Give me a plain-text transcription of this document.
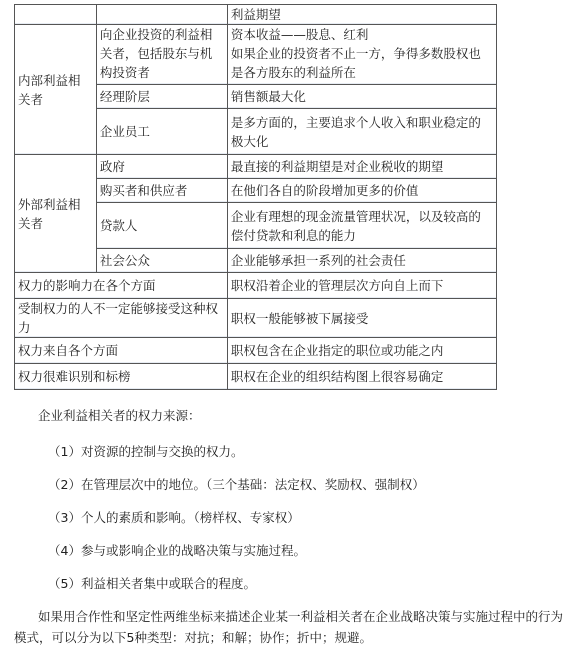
		利益期望
内部利益相关者	向企业投资的利益相关者，包括股东与机构投资者	资本收益——股息、红利
如果企业的投资者不止一方，争得多数股权也是各方股东的利益所在
	经理阶层	销售额最大化
	企业员工	是多方面的，主要追求个人收入和职业稳定的极大化
外部利益相关者	政府	最直接的利益期望是对企业税收的期望
	购买者和供应者	在他们各自的阶段增加更多的价值
	贷款人	企业有理想的现金流量管理状况，以及较高的偿付贷款和利息的能力
	社会公众	企业能够承担一系列的社会责任
权力的影响力在各个方面		职权沿着企业的管理层次方向自上而下
受制权力的人不一定能够接受这种权力		职权一般能够被下属接受
权力来自各个方面		职权包含在企业指定的职位或功能之内
权力很难识别和标榜		职权在企业的组织结构图上很容易确定

企业利益相关者的权力来源：

（1）对资源的控制与交换的权力。

（2）在管理层次中的地位。（三个基础：法定权、奖励权、强制权）

（3）个人的素质和影响。（榜样权、专家权）

（4）参与或影响企业的战略决策与实施过程。

（5）利益相关者集中或联合的程度。

如果用合作性和坚定性两维坐标来描述企业某一利益相关者在企业战略决策与实施过程中的行为模式，可以分为以下5种类型：对抗；和解；协作；折中；规避。
